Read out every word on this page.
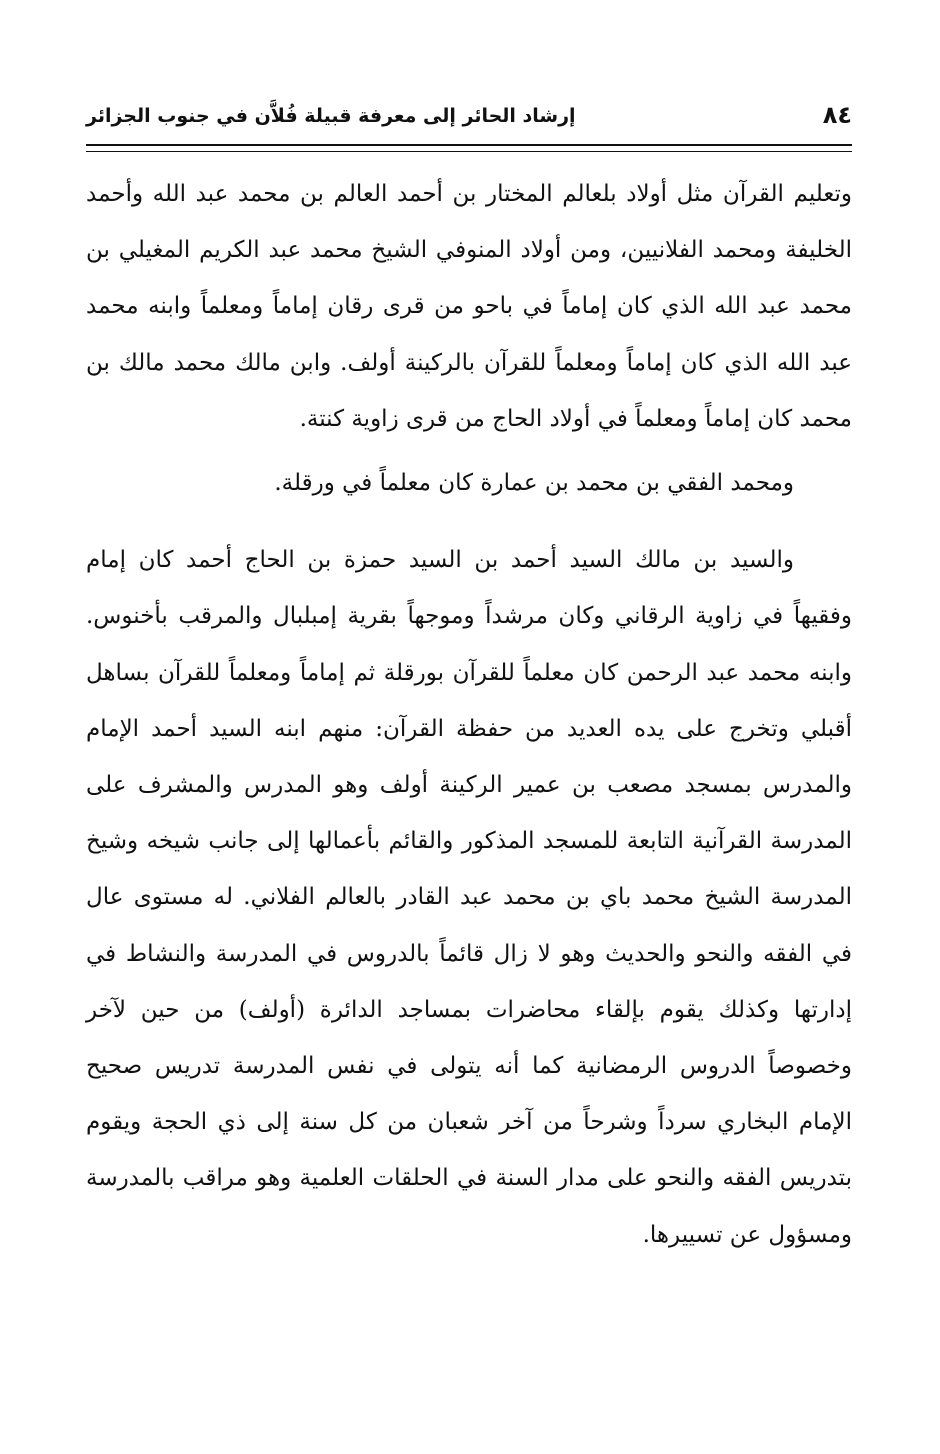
٨٤
إرشاد الحائر إلى معرفة قبيلة فُلاَّن في جنوب الجزائر

وتعليم القرآن مثل أولاد بلعالم المختار بن أحمد العالم بن محمد عبد الله وأحمد الخليفة ومحمد الفلانيين، ومن أولاد المنوفي الشيخ محمد عبد الكريم المغيلي بن محمد عبد الله الذي كان إماماً في باحو من قرى رقان إماماً ومعلماً وابنه محمد عبد الله الذي كان إماماً ومعلماً للقرآن بالركينة أولف. وابن مالك محمد مالك بن محمد كان إماماً ومعلماً في أولاد الحاج من قرى زاوية كنتة.

ومحمد الفقي بن محمد بن عمارة كان معلماً في ورقلة.

والسيد بن مالك السيد أحمد بن السيد حمزة بن الحاج أحمد كان إمام وفقيهاً في زاوية الرقاني وكان مرشداً وموجهاً بقرية إمبلبال والمرقب بأخنوس. وابنه محمد عبد الرحمن كان معلماً للقرآن بورقلة ثم إماماً ومعلماً للقرآن بساهل أقبلي وتخرج على يده العديد من حفظة القرآن: منهم ابنه السيد أحمد الإمام والمدرس بمسجد مصعب بن عمير الركينة أولف وهو المدرس والمشرف على المدرسة القرآنية التابعة للمسجد المذكور والقائم بأعمالها إلى جانب شيخه وشيخ المدرسة الشيخ محمد باي بن محمد عبد القادر بالعالم الفلاني. له مستوى عال في الفقه والنحو والحديث وهو لا زال قائماً بالدروس في المدرسة والنشاط في إدارتها وكذلك يقوم بإلقاء محاضرات بمساجد الدائرة (أولف) من حين لآخر وخصوصاً الدروس الرمضانية كما أنه يتولى في نفس المدرسة تدريس صحيح الإمام البخاري سرداً وشرحاً من آخر شعبان من كل سنة إلى ذي الحجة ويقوم بتدريس الفقه والنحو على مدار السنة في الحلقات العلمية وهو مراقب بالمدرسة ومسؤول عن تسييرها.
